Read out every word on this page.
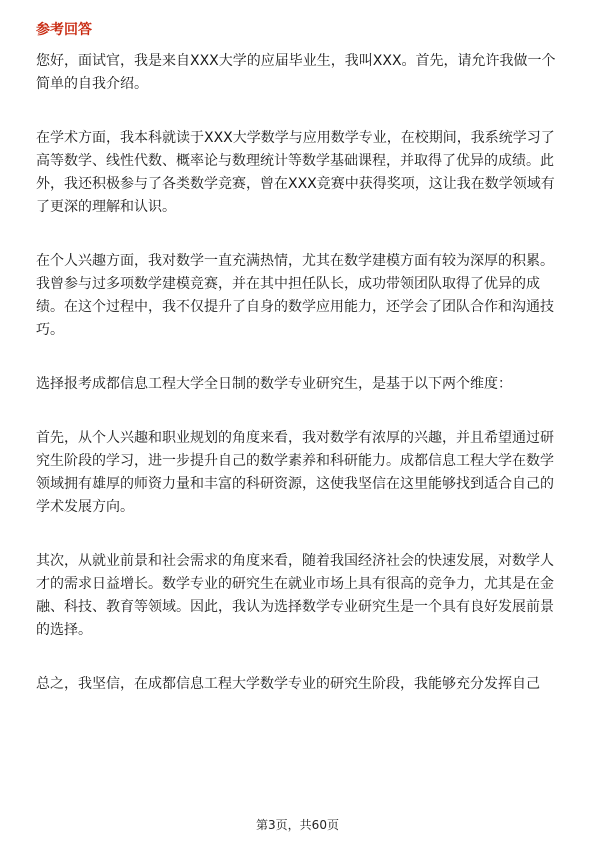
参考回答

您好，面试官，我是来自XXX大学的应届毕业生，我叫XXX。首先，请允许我做一个简单的自我介绍。

在学术方面，我本科就读于XXX大学数学与应用数学专业，在校期间，我系统学习了高等数学、线性代数、概率论与数理统计等数学基础课程，并取得了优异的成绩。此外，我还积极参与了各类数学竞赛，曾在XXX竞赛中获得奖项，这让我在数学领域有了更深的理解和认识。

在个人兴趣方面，我对数学一直充满热情，尤其在数学建模方面有较为深厚的积累。我曾参与过多项数学建模竞赛，并在其中担任队长，成功带领团队取得了优异的成绩。在这个过程中，我不仅提升了自身的数学应用能力，还学会了团队合作和沟通技巧。

选择报考成都信息工程大学全日制的数学专业研究生，是基于以下两个维度：

首先，从个人兴趣和职业规划的角度来看，我对数学有浓厚的兴趣，并且希望通过研究生阶段的学习，进一步提升自己的数学素养和科研能力。成都信息工程大学在数学领域拥有雄厚的师资力量和丰富的科研资源，这使我坚信在这里能够找到适合自己的学术发展方向。

其次，从就业前景和社会需求的角度来看，随着我国经济社会的快速发展，对数学人才的需求日益增长。数学专业的研究生在就业市场上具有很高的竞争力，尤其是在金融、科技、教育等领域。因此，我认为选择数学专业研究生是一个具有良好发展前景的选择。

总之，我坚信，在成都信息工程大学数学专业的研究生阶段，我能够充分发挥自己

第3页，共60页
